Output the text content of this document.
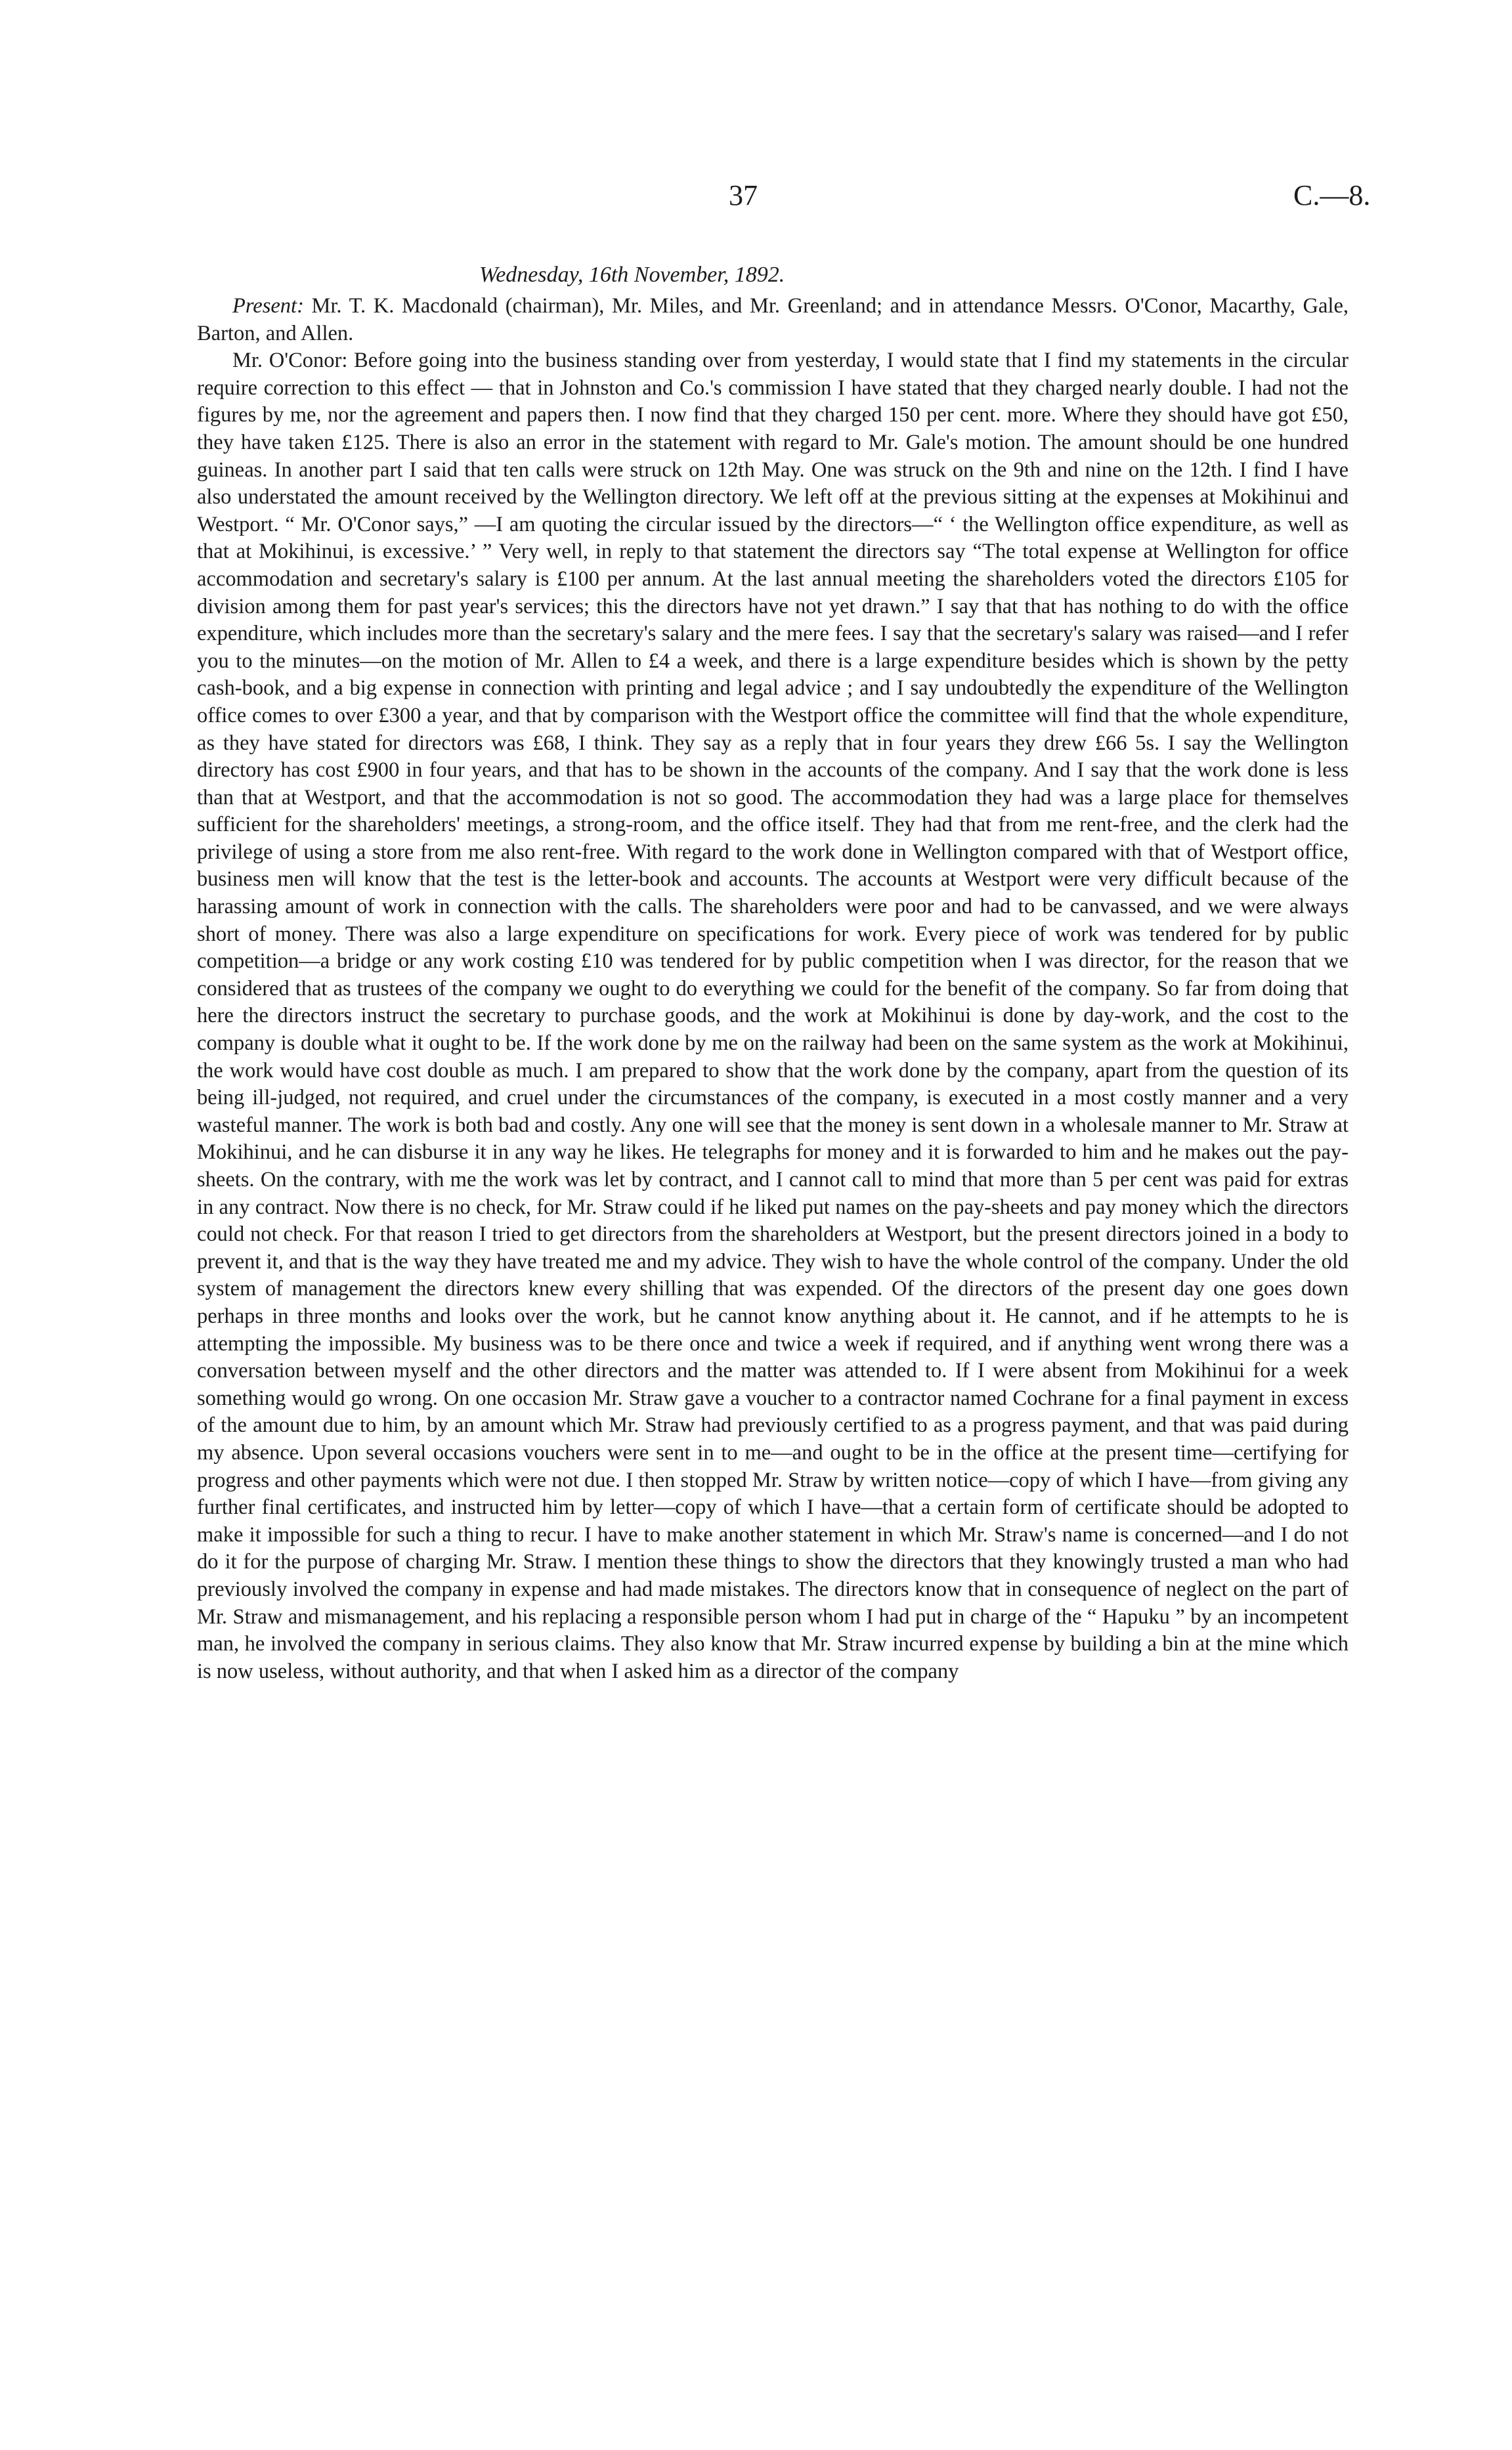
37	C.—8.
Wednesday, 16th November, 1892.

Present: Mr. T. K. Macdonald (chairman), Mr. Miles, and Mr. Greenland; and in attendance Messrs. O'Conor, Macarthy, Gale, Barton, and Allen.

Mr. O'Conor: Before going into the business standing over from yesterday, I would state that I find my statements in the circular require correction to this effect — that in Johnston and Co.'s commission I have stated that they charged nearly double. I had not the figures by me, nor the agreement and papers then. I now find that they charged 150 per cent. more. Where they should have got £50, they have taken £125. There is also an error in the statement with regard to Mr. Gale's motion. The amount should be one hundred guineas. In another part I said that ten calls were struck on 12th May. One was struck on the 9th and nine on the 12th. I find I have also understated the amount received by the Wellington directory. We left off at the previous sitting at the expenses at Mokihinui and Westport. “ Mr. O'Conor says,” —I am quoting the circular issued by the directors—“ ‘ the Wellington office expenditure, as well as that at Mokihinui, is excessive.’ ” Very well, in reply to that statement the directors say “The total expense at Wellington for office accommodation and secretary's salary is £100 per annum. At the last annual meeting the shareholders voted the directors £105 for division among them for past year's services; this the directors have not yet drawn.” I say that that has nothing to do with the office expenditure, which includes more than the secretary's salary and the mere fees. I say that the secretary's salary was raised—and I refer you to the minutes—on the motion of Mr. Allen to £4 a week, and there is a large expenditure besides which is shown by the petty cash-book, and a big expense in connection with printing and legal advice ; and I say undoubtedly the expenditure of the Wellington office comes to over £300 a year, and that by comparison with the Westport office the committee will find that the whole expenditure, as they have stated for directors was £68, I think. They say as a reply that in four years they drew £66 5s. I say the Wellington directory has cost £900 in four years, and that has to be shown in the accounts of the company. And I say that the work done is less than that at Westport, and that the accommodation is not so good. The accommodation they had was a large place for themselves sufficient for the shareholders' meetings, a strong-room, and the office itself. They had that from me rent-free, and the clerk had the privilege of using a store from me also rent-free. With regard to the work done in Wellington compared with that of Westport office, business men will know that the test is the letter-book and accounts. The accounts at Westport were very difficult because of the harassing amount of work in connection with the calls. The shareholders were poor and had to be canvassed, and we were always short of money. There was also a large expenditure on specifications for work. Every piece of work was tendered for by public competition—a bridge or any work costing £10 was tendered for by public competition when I was director, for the reason that we considered that as trustees of the company we ought to do everything we could for the benefit of the company. So far from doing that here the directors instruct the secretary to purchase goods, and the work at Mokihinui is done by day-work, and the cost to the company is double what it ought to be. If the work done by me on the railway had been on the same system as the work at Mokihinui, the work would have cost double as much. I am prepared to show that the work done by the company, apart from the question of its being ill-judged, not required, and cruel under the circumstances of the company, is executed in a most costly manner and a very wasteful manner. The work is both bad and costly. Any one will see that the money is sent down in a wholesale manner to Mr. Straw at Mokihinui, and he can disburse it in any way he likes. He telegraphs for money and it is forwarded to him and he makes out the pay-sheets. On the contrary, with me the work was let by contract, and I cannot call to mind that more than 5 per cent was paid for extras in any contract. Now there is no check, for Mr. Straw could if he liked put names on the pay-sheets and pay money which the directors could not check. For that reason I tried to get directors from the shareholders at Westport, but the present directors joined in a body to prevent it, and that is the way they have treated me and my advice. They wish to have the whole control of the company. Under the old system of management the directors knew every shilling that was expended. Of the directors of the present day one goes down perhaps in three months and looks over the work, but he cannot know anything about it. He cannot, and if he attempts to he is attempting the impossible. My business was to be there once and twice a week if required, and if anything went wrong there was a conversation between myself and the other directors and the matter was attended to. If I were absent from Mokihinui for a week something would go wrong. On one occasion Mr. Straw gave a voucher to a contractor named Cochrane for a final payment in excess of the amount due to him, by an amount which Mr. Straw had previously certified to as a progress payment, and that was paid during my absence. Upon several occasions vouchers were sent in to me—and ought to be in the office at the present time—certifying for progress and other payments which were not due. I then stopped Mr. Straw by written notice—copy of which I have—from giving any further final certificates, and instructed him by letter—copy of which I have—that a certain form of certificate should be adopted to make it impossible for such a thing to recur. I have to make another statement in which Mr. Straw's name is concerned—and I do not do it for the purpose of charging Mr. Straw. I mention these things to show the directors that they knowingly trusted a man who had previously involved the company in expense and had made mistakes. The directors know that in consequence of neglect on the part of Mr. Straw and mismanagement, and his replacing a responsible person whom I had put in charge of the “ Hapuku ” by an incompetent man, he involved the company in serious claims. They also know that Mr. Straw incurred expense by building a bin at the mine which is now useless, without authority, and that when I asked him as a director of the company
